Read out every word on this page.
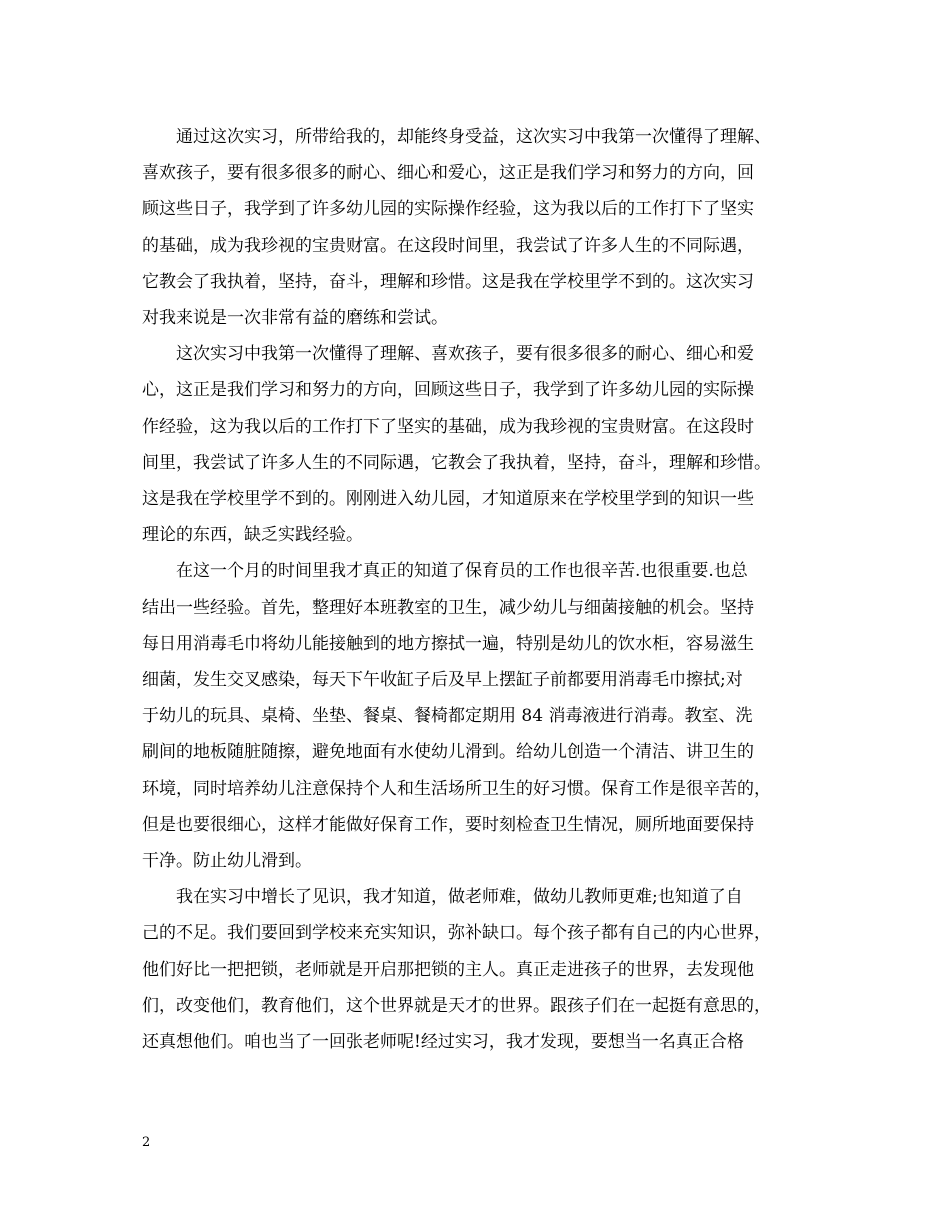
　　通过这次实习，所带给我的，却能终身受益，这次实习中我第一次懂得了理解、
喜欢孩子，要有很多很多的耐心、细心和爱心，这正是我们学习和努力的方向，回
顾这些日子，我学到了许多幼儿园的实际操作经验，这为我以后的工作打下了坚实
的基础，成为我珍视的宝贵财富。在这段时间里，我尝试了许多人生的不同际遇，
它教会了我执着，坚持，奋斗，理解和珍惜。这是我在学校里学不到的。这次实习
对我来说是一次非常有益的磨练和尝试。
　　这次实习中我第一次懂得了理解、喜欢孩子，要有很多很多的耐心、细心和爱
心，这正是我们学习和努力的方向，回顾这些日子，我学到了许多幼儿园的实际操
作经验，这为我以后的工作打下了坚实的基础，成为我珍视的宝贵财富。在这段时
间里，我尝试了许多人生的不同际遇，它教会了我执着，坚持，奋斗，理解和珍惜。
这是我在学校里学不到的。刚刚进入幼儿园，才知道原来在学校里学到的知识一些
理论的东西，缺乏实践经验。
　　在这一个月的时间里我才真正的知道了保育员的工作也很辛苦.也很重要.也总
结出一些经验。首先，整理好本班教室的卫生，减少幼儿与细菌接触的机会。坚持
每日用消毒毛巾将幼儿能接触到的地方擦拭一遍，特别是幼儿的饮水柜，容易滋生
细菌，发生交叉感染，每天下午收缸子后及早上摆缸子前都要用消毒毛巾擦拭;对
于幼儿的玩具、桌椅、坐垫、餐桌、餐椅都定期用 84 消毒液进行消毒。教室、洗
刷间的地板随脏随擦，避免地面有水使幼儿滑到。给幼儿创造一个清洁、讲卫生的
环境，同时培养幼儿注意保持个人和生活场所卫生的好习惯。保育工作是很辛苦的，
但是也要很细心，这样才能做好保育工作，要时刻检查卫生情况，厕所地面要保持
干净。防止幼儿滑到。
　　我在实习中增长了见识，我才知道，做老师难，做幼儿教师更难;也知道了自
己的不足。我们要回到学校来充实知识，弥补缺口。每个孩子都有自己的内心世界，
他们好比一把把锁，老师就是开启那把锁的主人。真正走进孩子的世界，去发现他
们，改变他们，教育他们，这个世界就是天才的世界。跟孩子们在一起挺有意思的，
还真想他们。咱也当了一回张老师呢!经过实习，我才发现，要想当一名真正合格
2
